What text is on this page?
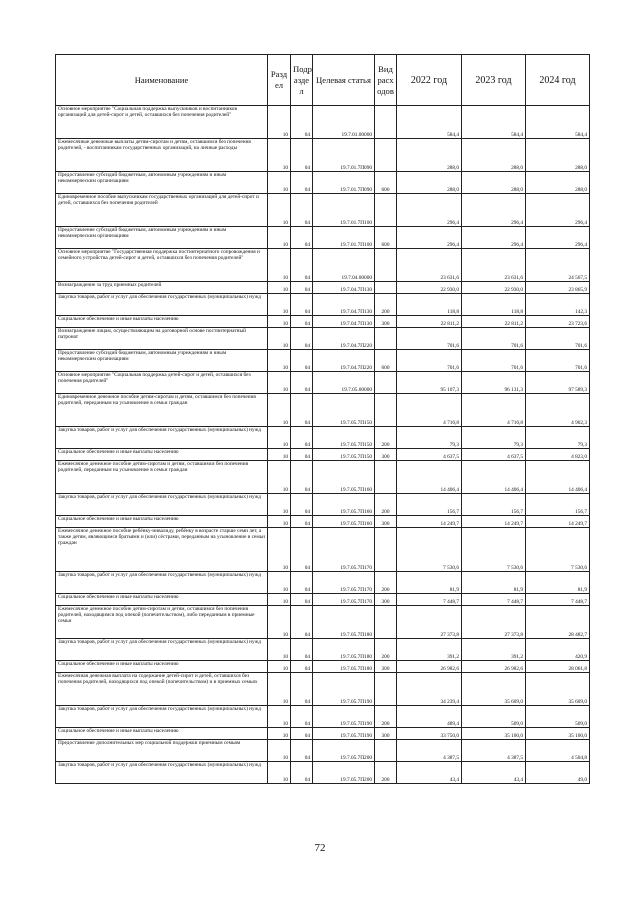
Наименование	Разд ел	Подр азде л	Целевая статья	Вид расх одов	2022 год	2023 год	2024 год
Основное мероприятие "Социальная поддержка выпускников и воспитанников организаций для детей-сирот и детей, оставшихся без попечения родителей"	10	04	19.7.01.00000		584,4	584,4	584,4
Ежемесячные денежные выплаты детям-сиротам и детям, оставшимся без попечения родителей, - воспитанникам государственных организаций, на личные расходы	10	04	19.7.01.7П090		288,0	288,0	288,0
Предоставление субсидий бюджетным, автономным учреждениям и иным некоммерческим организациям	10	04	19.7.01.7П090	600	288,0	288,0	288,0
Единовременное пособие выпускникам государственных организаций для детей-сирот и детей, оставшихся без попечения родителей	10	04	19.7.01.7П100		296,4	296,4	296,4
Предоставление субсидий бюджетным, автономным учреждениям и иным некоммерческим организациям	10	04	19.7.01.7П100	600	296,4	296,4	296,4
Основное мероприятие "Государственная поддержка постинтернатного сопровождения и семейного устройства детей-сирот и детей, оставшихся без попечения родителей"	10	04	19.7.04.00000		23 631,6	23 631,6	24 567,5
Вознаграждение за труд приемных родителей	10	04	19.7.04.7П130		22 930,0	22 930,0	23 865,9
Закупка товаров, работ и услуг для обеспечения государственных (муниципальных) нужд	10	04	19.7.04.7П130	200	118,8	118,8	142,3
Социальное обеспечение и иные выплаты населению	10	04	19.7.04.7П130	300	22 811,2	22 811,2	23 723,6
Вознаграждение лицам, осуществляющим на договорной основе постинтернатный патронат	10	04	19.7.04.7П220		701,6	701,6	701,6
Предоставление субсидий бюджетным, автономным учреждениям и иным некоммерческим организациям	10	04	19.7.04.7П220	600	701,6	701,6	701,6
Основное мероприятие "Социальная поддержка детей-сирот и детей, оставшихся без попечения родителей"	10	04	19.7.05.00000		95 107,3	96 131,3	97 589,3
Единовременное денежное пособие детям-сиротам и детям, оставшимся без попечения родителей, переданным на усыновление в семьи граждан	10	04	19.7.05.7П150		4 716,8	4 716,8	4 902,3
Закупка товаров, работ и услуг для обеспечения государственных (муниципальных) нужд	10	04	19.7.05.7П150	200	79,3	79,3	79,3
Социальное обеспечение и иные выплаты населению	10	04	19.7.05.7П150	300	4 637,5	4 637,5	4 823,0
Ежемесячное денежное пособие детям-сиротам и детям, оставшимся без попечения родителей, переданным на усыновление в семьи граждан	10	04	19.7.05.7П160		14 406,4	14 406,4	14 406,4
Закупка товаров, работ и услуг для обеспечения государственных (муниципальных) нужд	10	04	19.7.05.7П160	200	156,7	156,7	156,7
Социальное обеспечение и иные выплаты населению	10	04	19.7.05.7П160	300	14 249,7	14 249,7	14 249,7
Ежемесячное денежное пособие ребёнку-инвалиду, ребёнку в возрасте старше семи лет, а также детям, являющимся братьями и (или) сёстрами, переданным на усыновление в семьи граждан	10	04	19.7.05.7П170		7 530,6	7 530,6	7 530,6
Закупка товаров, работ и услуг для обеспечения государственных (муниципальных) нужд	10	04	19.7.05.7П170	200	81,9	81,9	81,9
Социальное обеспечение и иные выплаты населению	10	04	19.7.05.7П170	300	7 448,7	7 448,7	7 448,7
Ежемесячное денежное пособие детям-сиротам и детям, оставшимся без попечения родителей, находящимся под опекой (попечительством), либо переданным в приемные семьи	10	04	19.7.05.7П180		27 373,8	27 373,8	28 482,7
Закупка товаров, работ и услуг для обеспечения государственных (муниципальных) нужд	10	04	19.7.05.7П180	200	391,2	391,2	420,9
Социальное обеспечение и иные выплаты населению	10	04	19.7.05.7П180	300	26 982,6	26 982,6	28 061,8
Ежемесячная денежная выплата на содержание детей-сирот и детей, оставшихся без попечения родителей, находящихся под опекой (попечительством) и в приемных семьях	10	04	19.7.05.7П190		34 239,4	35 609,0	35 609,0
Закупка товаров, работ и услуг для обеспечения государственных (муниципальных) нужд	10	04	19.7.05.7П190	200	489,4	509,0	509,0
Социальное обеспечение и иные выплаты населению	10	04	19.7.05.7П190	300	33 750,0	35 100,0	35 100,0
Предоставление дополнительных мер социальной поддержки приемным семьям	10	04	19.7.05.7П200		4 387,5	4 387,5	4 504,8
Закупка товаров, работ и услуг для обеспечения государственных (муниципальных) нужд	10	04	19.7.05.7П200	200	43,4	43,4	49,0
72
